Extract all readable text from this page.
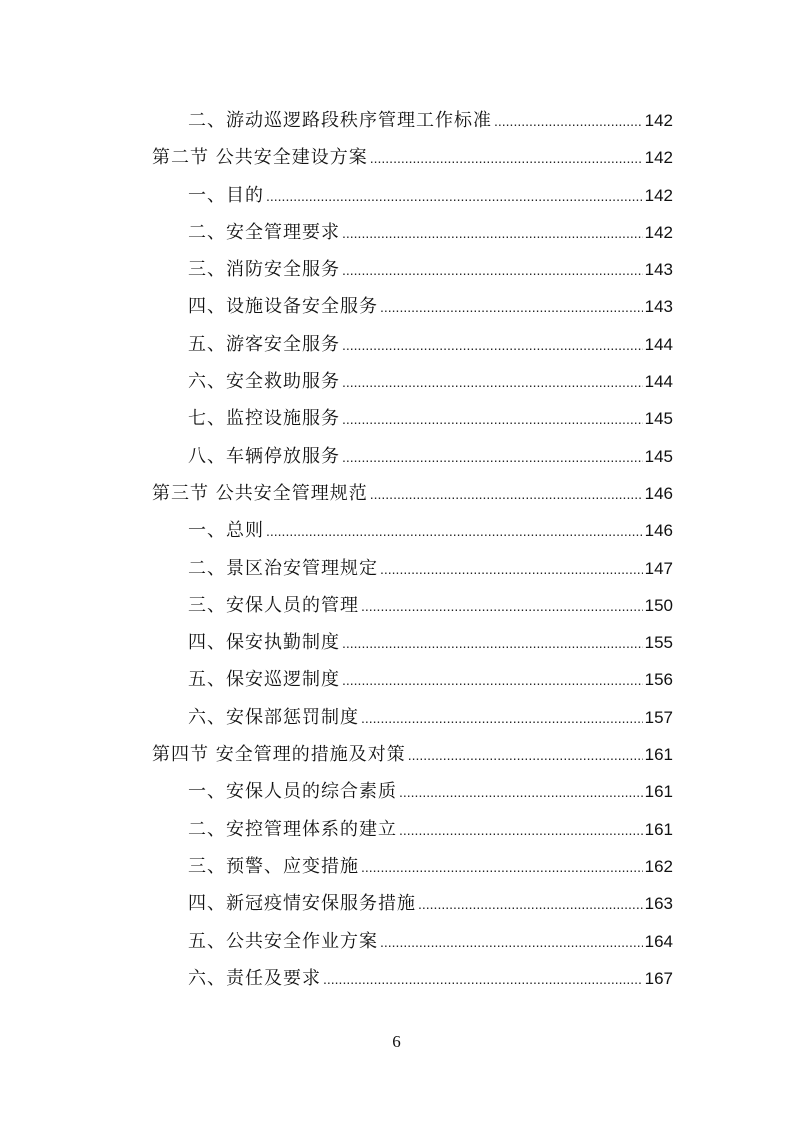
二、游动巡逻路段秩序管理工作标准 .....	142
第二节 公共安全建设方案 .....	142
一、目的 .....	142
二、安全管理要求 .....	142
三、消防安全服务 .....	143
四、设施设备安全服务 .....	143
五、游客安全服务 .....	144
六、安全救助服务 .....	144
七、监控设施服务 .....	145
八、车辆停放服务 .....	145
第三节 公共安全管理规范 .....	146
一、总则 .....	146
二、景区治安管理规定 .....	147
三、安保人员的管理 .....	150
四、保安执勤制度 .....	155
五、保安巡逻制度 .....	156
六、安保部惩罚制度 .....	157
第四节 安全管理的措施及对策 .....	161
一、安保人员的综合素质 .....	161
二、安控管理体系的建立 .....	161
三、预警、应变措施 .....	162
四、新冠疫情安保服务措施 .....	163
五、公共安全作业方案 .....	164
六、责任及要求 .....	167
6
